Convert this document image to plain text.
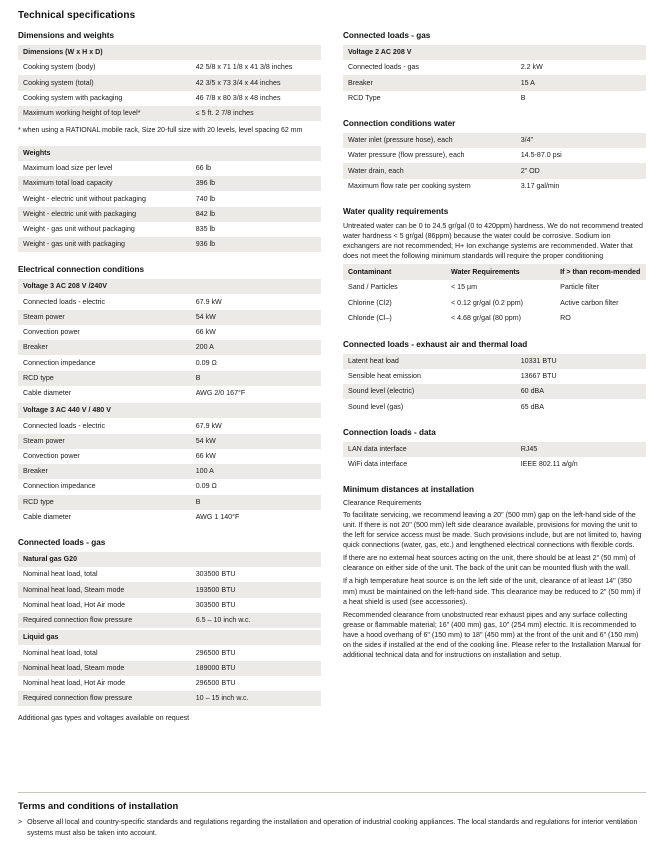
Technical specifications
Dimensions and weights
Dimensions (W x H x D)	
Cooking system (body)	42 5/8 x 71 1/8 x 41 3/8 inches
Cooking system (total)	42 3/5 x 73 3/4 x 44 inches
Cooking system with packaging	46 7/8 x 80 3/8 x 48 inches
Maximum working height of top level*	≤ 5 ft. 2 7/8 inches
* when using a RATIONAL mobile rack, Size 20-full size with 20 levels, level spacing 62 mm
Weights	
Maximum load size per level	66 lb
Maximum total load capacity	396 lb
Weight - electric unit without packaging	740 lb
Weight - electric unit with packaging	842 lb
Weight - gas unit without packaging	835 lb
Weight - gas unit with packaging	936 lb
Electrical connection conditions
Voltage 3 AC 208 V /240V	
Connected loads - electric	67.9 kW
Steam power	54 kW
Convection power	66 kW
Breaker	200 A
Connection impedance	0.09 Ω
RCD type	B
Cable diameter	AWG 2/0 167°F
Voltage 3 AC 440 V / 480 V	
Connected loads - electric	67.9 kW
Steam power	54 kW
Convection power	66 kW
Breaker	100 A
Connection impedance	0.09 Ω
RCD type	B
Cable diameter	AWG 1 140°F
Connected loads - gas
Natural gas G20	
Nominal heat load, total	303500 BTU
Nominal heat load, Steam mode	193500 BTU
Nominal heat load, Hot Air mode	303500 BTU
Required connection flow pressure	6.5 – 10 inch w.c.
Liquid gas	
Nominal heat load, total	296500 BTU
Nominal heat load, Steam mode	189000 BTU
Nominal heat load, Hot Air mode	296500 BTU
Required connection flow pressure	10 – 15 inch w.c.
Additional gas types and voltages available on request
Connected loads - gas
Voltage 2 AC 208 V	
Connected loads - gas	2.2 kW
Breaker	15 A
RCD Type	B
Connection conditions water
Water inlet (pressure hose), each	3/4"
Water pressure (flow pressure), each	14.5-87.0 psi
Water drain, each	2" OD
Maximum flow rate per cooking system	3.17 gal/min
Water quality requirements
Untreated water can be 0 to 24.5 gr/gal (0 to 420ppm) hardness. We do not recommend treated water hardness < 5 gr/gal (86ppm) because the water could be corrosive. Sodium ion exchangers are not recommended; H+ Ion exchange systems are recommended. Water that does not meet the following minimum standards will require the proper conditioning
Contaminant	Water Requirements	If > than recom-mended
Sand / Particles	< 15 µm	Particle filter
Chlorine (Cl2)	< 0.12 gr/gal (0.2 ppm)	Active carbon filter
Chloride (Cl–)	< 4.68 gr/gal (80 ppm)	RO
Connected loads - exhaust air and thermal load
Latent heat load	10331 BTU
Sensible heat emission	13667 BTU
Sound level (electric)	60 dBA
Sound level (gas)	65 dBA
Connection loads - data
LAN data interface	RJ45
WiFi data interface	IEEE 802.11 a/g/n
Minimum distances at installation
Clearance Requirements
To facilitate servicing, we recommend leaving a 20" (500 mm) gap on the left-hand side of the unit. If there is not 20" (500 mm) left side clearance available, provisions for moving the unit to the left for service access must be made. Such provisions include, but are not limited to, having quick connections (water, gas, etc.) and lengthened electrical connections with flexible cords.
If there are no external heat sources acting on the unit, there should be at least 2" (50 mm) of clearance on either side of the unit. The back of the unit can be mounted flush with the wall.
If a high temperature heat source is on the left side of the unit, clearance of at least 14" (350 mm) must be maintained on the left-hand side. This clearance may be reduced to 2" (50 mm) if a heat shield is used (see accessories).
Recommended clearance from unobstructed rear exhaust pipes and any surface collecting grease or flammable material; 16" (400 mm) gas, 10" (254 mm) electric. It is recommended to have a hood overhang of 6" (150 mm) to 18" (450 mm) at the front of the unit and 6" (150 mm) on the sides if installed at the end of the cooking line. Please refer to the Installation Manual for additional technical data and for instructions on installation and setup.
Terms and conditions of installation
> Observe all local and country-specific standards and regulations regarding the installation and operation of industrial cooking appliances. The local standards and regulations for interior ventilation systems must also be taken into account.
